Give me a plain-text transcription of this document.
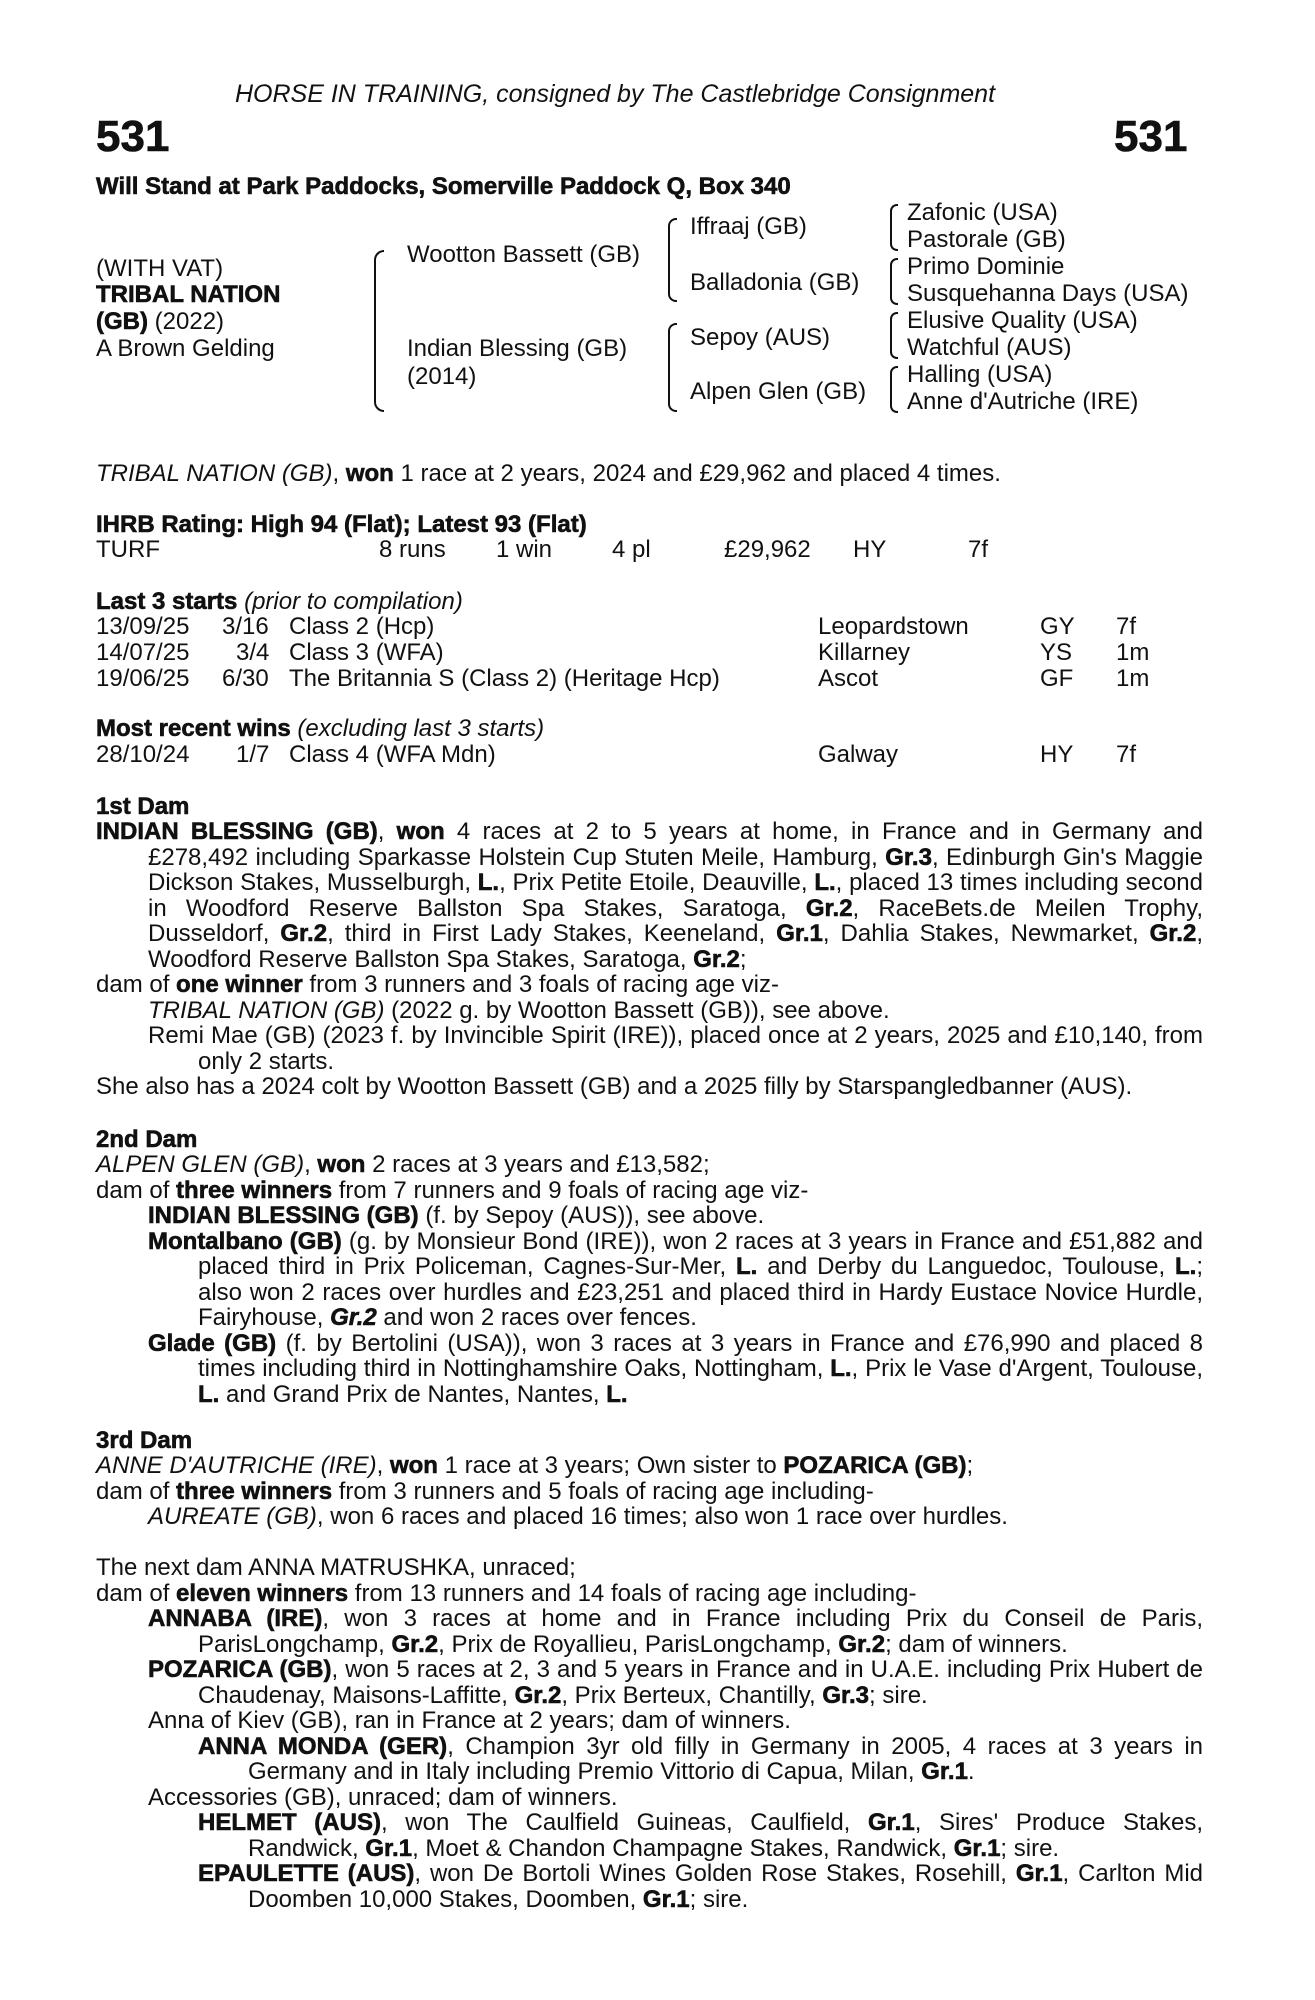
HORSE IN TRAINING, consigned by The Castlebridge Consignment
531	531
Will Stand at Park Paddocks, Somerville Paddock Q, Box 340
(WITH VAT)
TRIBAL NATION
(GB) (2022)
A Brown Gelding
Wootton Bassett (GB)
Indian Blessing (GB)
(2014)
Iffraaj (GB)
Balladonia (GB)
Sepoy (AUS)
Alpen Glen (GB)
Zafonic (USA)
Pastorale (GB)
Primo Dominie
Susquehanna Days (USA)
Elusive Quality (USA)
Watchful (AUS)
Halling (USA)
Anne d'Autriche (IRE)
TRIBAL NATION (GB), won 1 race at 2 years, 2024 and £29,962 and placed 4 times.
IHRB Rating: High 94 (Flat); Latest 93 (Flat)
TURF	8 runs 1 win 4 pl	£29,962 HY	7f
Last 3 starts (prior to compilation)
13/09/25 3/16 Class 2 (Hcp)	Leopardstown	GY 7f
14/07/25 3/4 Class 3 (WFA)	Killarney	YS 1m
19/06/25 6/30 The Britannia S (Class 2) (Heritage Hcp)	Ascot	GF 1m
Most recent wins (excluding last 3 starts)
28/10/24 1/7 Class 4 (WFA Mdn)	Galway	HY 7f
1st Dam

INDIAN BLESSING (GB), won 4 races at 2 to 5 years at home, in France and in Germany and £278,492 including Sparkasse Holstein Cup Stuten Meile, Hamburg, Gr.3, Edinburgh Gin's Maggie Dickson Stakes, Musselburgh, L., Prix Petite Etoile, Deauville, L., placed 13 times including second in Woodford Reserve Ballston Spa Stakes, Saratoga, Gr.2, RaceBets.de Meilen Trophy, Dusseldorf, Gr.2, third in First Lady Stakes, Keeneland, Gr.1, Dahlia Stakes, Newmarket, Gr.2, Woodford Reserve Ballston Spa Stakes, Saratoga, Gr.2;

dam of one winner from 3 runners and 3 foals of racing age viz-

TRIBAL NATION (GB) (2022 g. by Wootton Bassett (GB)), see above.

Remi Mae (GB) (2023 f. by Invincible Spirit (IRE)), placed once at 2 years, 2025 and £10,140, from only 2 starts.

She also has a 2024 colt by Wootton Bassett (GB) and a 2025 filly by Starspangledbanner (AUS).

2nd Dam

ALPEN GLEN (GB), won 2 races at 3 years and £13,582;

dam of three winners from 7 runners and 9 foals of racing age viz-

INDIAN BLESSING (GB) (f. by Sepoy (AUS)), see above.

Montalbano (GB) (g. by Monsieur Bond (IRE)), won 2 races at 3 years in France and £51,882 and placed third in Prix Policeman, Cagnes-Sur-Mer, L. and Derby du Languedoc, Toulouse, L.; also won 2 races over hurdles and £23,251 and placed third in Hardy Eustace Novice Hurdle, Fairyhouse, Gr.2 and won 2 races over fences.

Glade (GB) (f. by Bertolini (USA)), won 3 races at 3 years in France and £76,990 and placed 8 times including third in Nottinghamshire Oaks, Nottingham, L., Prix le Vase d'Argent, Toulouse, L. and Grand Prix de Nantes, Nantes, L.

3rd Dam

ANNE D'AUTRICHE (IRE), won 1 race at 3 years; Own sister to POZARICA (GB);

dam of three winners from 3 runners and 5 foals of racing age including-

AUREATE (GB), won 6 races and placed 16 times; also won 1 race over hurdles.

The next dam ANNA MATRUSHKA, unraced;

dam of eleven winners from 13 runners and 14 foals of racing age including-

ANNABA (IRE), won 3 races at home and in France including Prix du Conseil de Paris, ParisLongchamp, Gr.2, Prix de Royallieu, ParisLongchamp, Gr.2; dam of winners.

POZARICA (GB), won 5 races at 2, 3 and 5 years in France and in U.A.E. including Prix Hubert de Chaudenay, Maisons-Laffitte, Gr.2, Prix Berteux, Chantilly, Gr.3; sire.

Anna of Kiev (GB), ran in France at 2 years; dam of winners.

ANNA MONDA (GER), Champion 3yr old filly in Germany in 2005, 4 races at 3 years in Germany and in Italy including Premio Vittorio di Capua, Milan, Gr.1.

Accessories (GB), unraced; dam of winners.

HELMET (AUS), won The Caulfield Guineas, Caulfield, Gr.1, Sires' Produce Stakes, Randwick, Gr.1, Moet & Chandon Champagne Stakes, Randwick, Gr.1; sire.

EPAULETTE (AUS), won De Bortoli Wines Golden Rose Stakes, Rosehill, Gr.1, Carlton Mid Doomben 10,000 Stakes, Doomben, Gr.1; sire.
